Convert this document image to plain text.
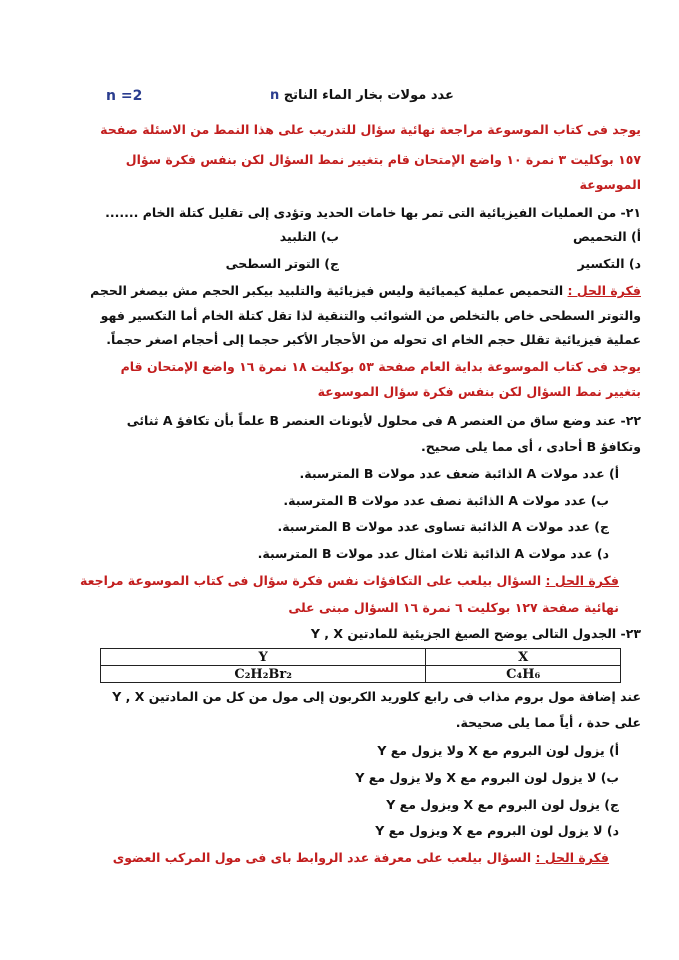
n =2	عدد مولات بخار الماء الناتج n
يوجد فى كتاب الموسوعة مراجعة نهائية سؤال للتدريب على هذا النمط من الاسئلة صفحة
١٥٧ بوكليت ٣ نمرة ١٠ واضع الإمتحان قام بتغيير نمط السؤال لكن بنفس فكرة سؤال
الموسوعة
٢١- من العمليات الفيزيائية التى تمر بها خامات الحديد وتؤدى إلى تقليل كتلة الخام .......
أ) التحميص
ب) التلبيد
د) التكسير
ج) التوتر السطحى
فكرة الحل : التحميص عملية كيميائية وليس فيزيائية والتلبيد بيكبر الحجم مش بيصغر الحجم
والتوتر السطحى خاص بالتخلص من الشوائب والتنقية لذا تقل كتلة الخام أما التكسير فهو
عملية فيزيائية تقلل حجم الخام اى تحوله من الأحجار الأكبر حجما إلى أحجام اصغر حجماً.
يوجد فى كتاب الموسوعة بداية العام صفحة ٥٣ بوكليت ١٨ نمرة ١٦ واضع الإمتحان قام
بتغيير نمط السؤال لكن بنفس فكرة سؤال الموسوعة
٢٢- عند وضع ساق من العنصر A فى محلول لأيونات العنصر B علماً بأن تكافؤ A ثنائى
وتكافؤ B أحادى ، أى مما يلى صحيح.
أ) عدد مولات A الذائبة ضعف عدد مولات B المترسبة.
ب) عدد مولات A الذائبة نصف عدد مولات B المترسبة.
ج) عدد مولات A الذائبة تساوى عدد مولات B المترسبة.
د) عدد مولات A الذائبة ثلاث امثال عدد مولات B المترسبة.
فكرة الحل : السؤال بيلعب على التكافؤات نفس فكرة سؤال فى كتاب الموسوعة مراجعة
نهائية صفحة ١٢٧ بوكليت ٦ نمرة ١٦ السؤال مبنى على
٢٣- الجدول التالى يوضح الصيغ الجزيئية للمادتين Y , X
Y	X
C₂H₂Br₂	C₄H₆
عند إضافة مول بروم مذاب فى رابع كلوريد الكربون إلى مول من كل من المادتين Y , X
على حدة ، أياً مما يلى صحيحة.
أ) يزول لون البروم مع X ولا يزول مع Y
ب) لا يزول لون البروم مع X ولا يزول مع Y
ج) يزول لون البروم مع X ويزول مع Y
د) لا يزول لون البروم مع X ويزول مع Y
فكرة الحل : السؤال بيلعب على معرفة عدد الروابط باى فى مول المركب العضوى
